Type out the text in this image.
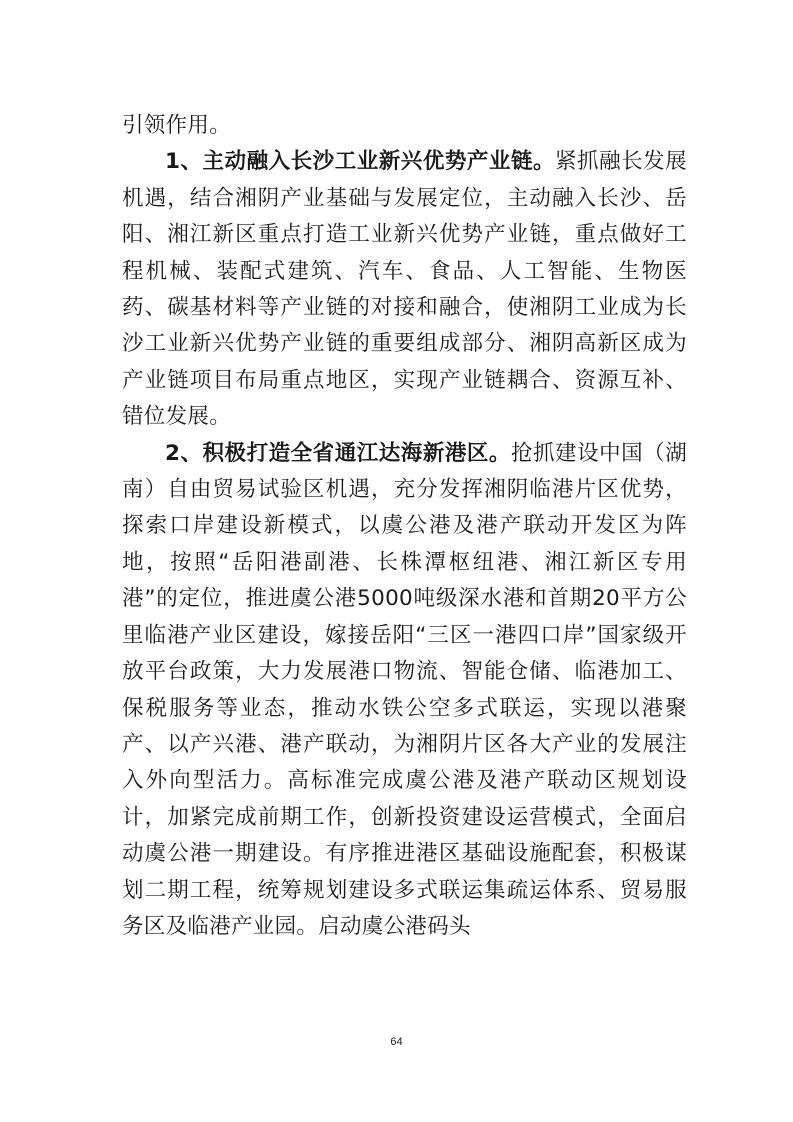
引领作用。

1、主动融入长沙工业新兴优势产业链。紧抓融长发展机遇，结合湘阴产业基础与发展定位，主动融入长沙、岳阳、湘江新区重点打造工业新兴优势产业链，重点做好工程机械、装配式建筑、汽车、食品、人工智能、生物医药、碳基材料等产业链的对接和融合，使湘阴工业成为长沙工业新兴优势产业链的重要组成部分、湘阴高新区成为产业链项目布局重点地区，实现产业链耦合、资源互补、错位发展。

2、积极打造全省通江达海新港区。抢抓建设中国（湖南）自由贸易试验区机遇，充分发挥湘阴临港片区优势，探索口岸建设新模式，以虞公港及港产联动开发区为阵地，按照“岳阳港副港、长株潭枢纽港、湘江新区专用港”的定位，推进虞公港5000吨级深水港和首期20平方公里临港产业区建设，嫁接岳阳“三区一港四口岸”国家级开放平台政策，大力发展港口物流、智能仓储、临港加工、保税服务等业态，推动水铁公空多式联运，实现以港聚产、以产兴港、港产联动，为湘阴片区各大产业的发展注入外向型活力。高标准完成虞公港及港产联动区规划设计，加紧完成前期工作，创新投资建设运营模式，全面启动虞公港一期建设。有序推进港区基础设施配套，积极谋划二期工程，统筹规划建设多式联运集疏运体系、贸易服务区及临港产业园。启动虞公港码头

64
